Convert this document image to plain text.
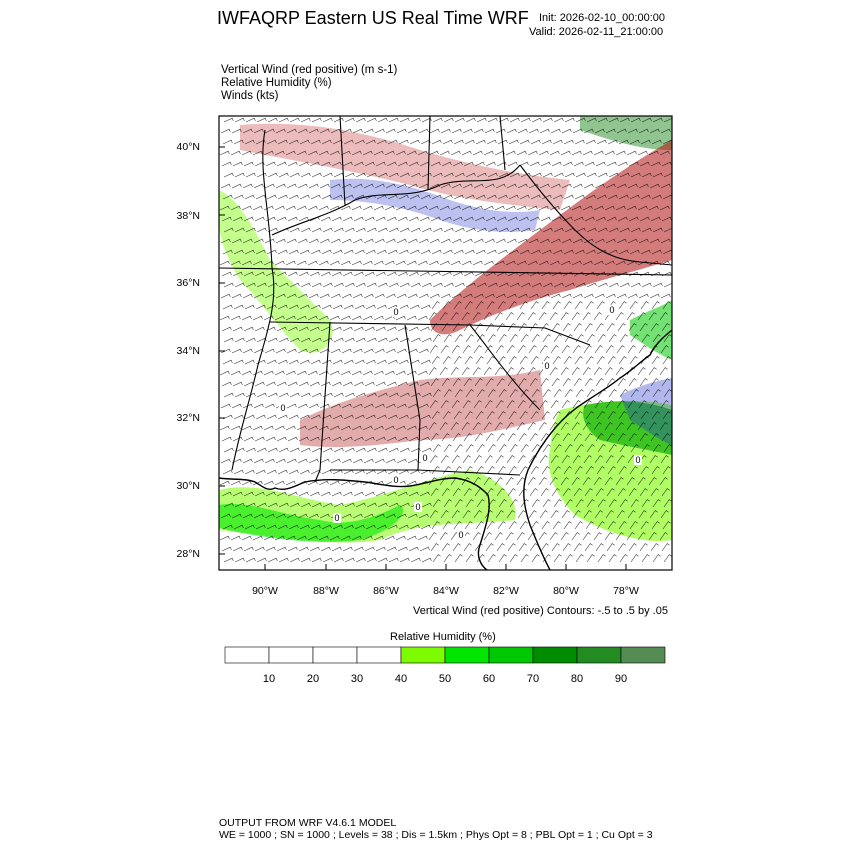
IWFAQRP Eastern US Real Time WRF Init: 2026-02-10_00:00:00
Valid: 2026-02-11_21:00:00
Vertical Wind (red positive) (m s-1)
Relative Humidity (%)
Winds (kts)
0
0
0
0
0
0
0
0
0
0
40°N
38°N
36°N
34°N
32°N
30°N
28°N
90°W	88°W	86°W	84°W	82°W	80°W	78°W
Vertical Wind (red positive) Contours: -.5 to .5 by .05
Relative Humidity (%)
10	20	30	40	50	60	70	80	90
OUTPUT FROM WRF V4.6.1 MODEL
WE = 1000 ; SN = 1000 ; Levels = 38 ; Dis = 1.5km ; Phys Opt = 8 ; PBL Opt = 1 ; Cu Opt = 3
